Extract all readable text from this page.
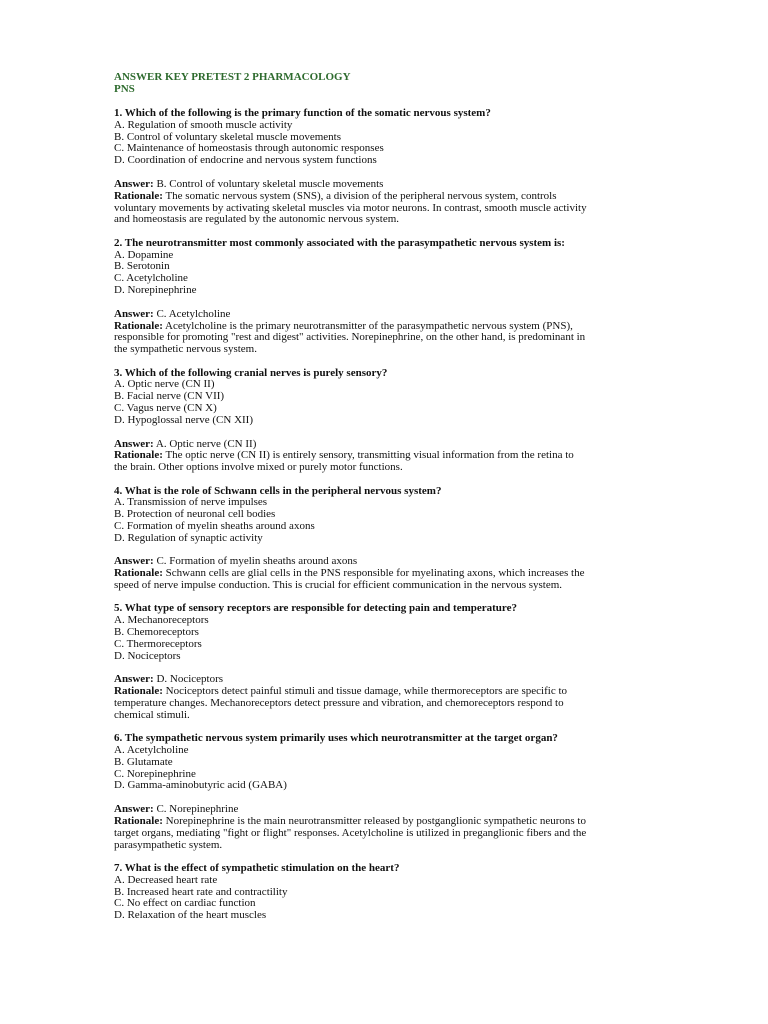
ANSWER KEY PRETEST 2 PHARMACOLOGY
PNS
1. Which of the following is the primary function of the somatic nervous system?
A. Regulation of smooth muscle activity
B. Control of voluntary skeletal muscle movements
C. Maintenance of homeostasis through autonomic responses
D. Coordination of endocrine and nervous system functions
Answer: B. Control of voluntary skeletal muscle movements
Rationale: The somatic nervous system (SNS), a division of the peripheral nervous system, controls
voluntary movements by activating skeletal muscles via motor neurons. In contrast, smooth muscle activity
and homeostasis are regulated by the autonomic nervous system.
2. The neurotransmitter most commonly associated with the parasympathetic nervous system is:
A. Dopamine
B. Serotonin
C. Acetylcholine
D. Norepinephrine
Answer: C. Acetylcholine
Rationale: Acetylcholine is the primary neurotransmitter of the parasympathetic nervous system (PNS),
responsible for promoting "rest and digest" activities. Norepinephrine, on the other hand, is predominant in
the sympathetic nervous system.
3. Which of the following cranial nerves is purely sensory?
A. Optic nerve (CN II)
B. Facial nerve (CN VII)
C. Vagus nerve (CN X)
D. Hypoglossal nerve (CN XII)
Answer: A. Optic nerve (CN II)
Rationale: The optic nerve (CN II) is entirely sensory, transmitting visual information from the retina to
the brain. Other options involve mixed or purely motor functions.
4. What is the role of Schwann cells in the peripheral nervous system?
A. Transmission of nerve impulses
B. Protection of neuronal cell bodies
C. Formation of myelin sheaths around axons
D. Regulation of synaptic activity
Answer: C. Formation of myelin sheaths around axons
Rationale: Schwann cells are glial cells in the PNS responsible for myelinating axons, which increases the
speed of nerve impulse conduction. This is crucial for efficient communication in the nervous system.
5. What type of sensory receptors are responsible for detecting pain and temperature?
A. Mechanoreceptors
B. Chemoreceptors
C. Thermoreceptors
D. Nociceptors
Answer: D. Nociceptors
Rationale: Nociceptors detect painful stimuli and tissue damage, while thermoreceptors are specific to
temperature changes. Mechanoreceptors detect pressure and vibration, and chemoreceptors respond to
chemical stimuli.
6. The sympathetic nervous system primarily uses which neurotransmitter at the target organ?
A. Acetylcholine
B. Glutamate
C. Norepinephrine
D. Gamma-aminobutyric acid (GABA)
Answer: C. Norepinephrine
Rationale: Norepinephrine is the main neurotransmitter released by postganglionic sympathetic neurons to
target organs, mediating "fight or flight" responses. Acetylcholine is utilized in preganglionic fibers and the
parasympathetic system.
7. What is the effect of sympathetic stimulation on the heart?
A. Decreased heart rate
B. Increased heart rate and contractility
C. No effect on cardiac function
D. Relaxation of the heart muscles
